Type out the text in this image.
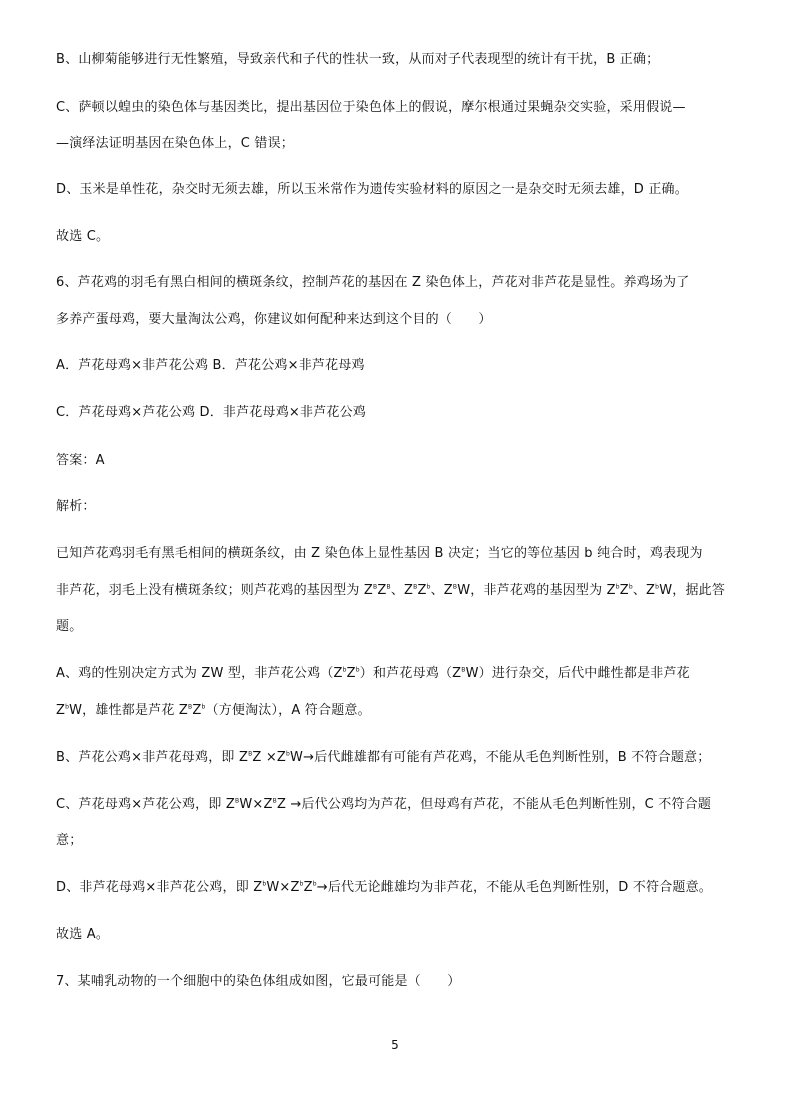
B、山柳菊能够进行无性繁殖，导致亲代和子代的性状一致，从而对子代表现型的统计有干扰，B 正确；
C、萨顿以蝗虫的染色体与基因类比，提出基因位于染色体上的假说，摩尔根通过果蝇杂交实验，采用假说—
—演绎法证明基因在染色体上，C 错误；
D、玉米是单性花，杂交时无须去雄，所以玉米常作为遗传实验材料的原因之一是杂交时无须去雄，D 正确。
故选 C。
6、芦花鸡的羽毛有黑白相间的横斑条纹，控制芦花的基因在 Z 染色体上，芦花对非芦花是显性。养鸡场为了
多养产蛋母鸡，要大量淘汰公鸡，你建议如何配种来达到这个目的（　　）
A．芦花母鸡×非芦花公鸡 B．芦花公鸡×非芦花母鸡
C．芦花母鸡×芦花公鸡 D．非芦花母鸡×非芦花公鸡
答案：A
解析：
已知芦花鸡羽毛有黑毛相间的横斑条纹，由 Z 染色体上显性基因 B 决定；当它的等位基因 b 纯合时，鸡表现为
非芦花，羽毛上没有横斑条纹；则芦花鸡的基因型为 $Z^BZ^B$、$Z^BZ^b$、$Z^BW$，非芦花鸡的基因型为 $Z^bZ^b$、$Z^bW$，据此答
题。
A、鸡的性别决定方式为 ZW 型，非芦花公鸡$(Z^bZ^b)$和芦花母鸡$(Z^BW)$进行杂交，后代中雌性都是非芦花
$Z^bW$，雄性都是芦花 $Z^BZ^b$（方便淘汰），A 符合题意。
B、芦花公鸡×非芦花母鸡，即 $Z^BZ \times Z^bW\to$后代雌雄都有可能有芦花鸡，不能从毛色判断性别，B 不符合题意；
C、芦花母鸡×芦花公鸡，即 $Z^BW\times Z^BZ$ →后代公鸡均为芦花，但母鸡有芦花，不能从毛色判断性别，C 不符合题
意；
D、非芦花母鸡×非芦花公鸡，即 $Z^bW\times Z^bZ^b\to$后代无论雌雄均为非芦花，不能从毛色判断性别，D 不符合题意。
故选 A。
7、某哺乳动物的一个细胞中的染色体组成如图，它最可能是（　　）
5
